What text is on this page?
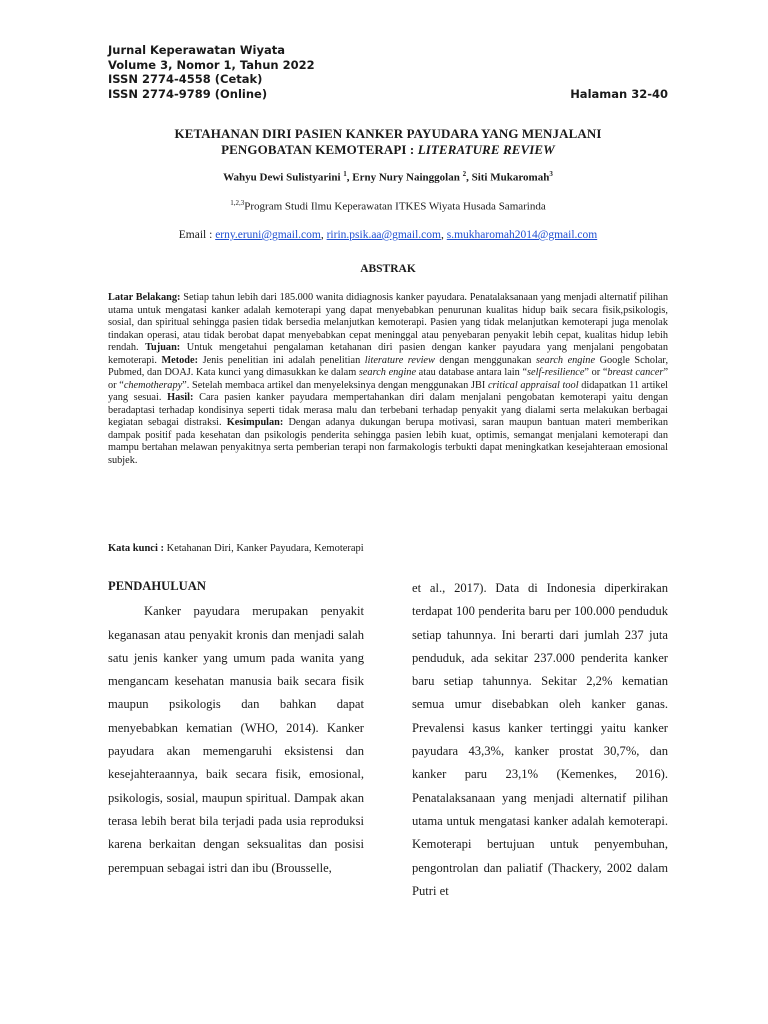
Jurnal Keperawatan Wiyata
Volume 3, Nomor 1, Tahun 2022
ISSN 2774-4558 (Cetak)
ISSN 2774-9789 (Online)	Halaman 32-40
KETAHANAN DIRI PASIEN KANKER PAYUDARA YANG MENJALANI
PENGOBATAN KEMOTERAPI : LITERATURE REVIEW
Wahyu Dewi Sulistyarini $^1$, Erny Nury Nainggolan $^2$, Siti Mukaromah$^3$
$^{1,2,3}$Program Studi Ilmu Keperawatan ITKES Wiyata Husada Samarinda
Email : erny.eruni@gmail.com, ririn.psik.aa@gmail.com, s.mukharomah2014@gmail.com
ABSTRAK
Latar Belakang: Setiap tahun lebih dari 185.000 wanita didiagnosis kanker payudara. Penatalaksanaan yang menjadi alternatif pilihan utama untuk mengatasi kanker adalah kemoterapi yang dapat menyebabkan penurunan kualitas hidup baik secara fisik,psikologis, sosial, dan spiritual sehingga pasien tidak bersedia melanjutkan kemoterapi. Pasien yang tidak melanjutkan kemoterapi juga menolak tindakan operasi, atau tidak berobat dapat menyebabkan cepat meninggal atau penyebaran penyakit lebih cepat, kualitas hidup lebih rendah. Tujuan: Untuk mengetahui pengalaman ketahanan diri pasien dengan kanker payudara yang menjalani pengobatan kemoterapi. Metode: Jenis penelitian ini adalah penelitian literature review dengan menggunakan search engine Google Scholar, Pubmed, dan DOAJ. Kata kunci yang dimasukkan ke dalam search engine atau database antara lain “self-resilience” or “breast cancer” or “chemotherapy”. Setelah membaca artikel dan menyeleksinya dengan menggunakan JBI critical appraisal tool didapatkan 11 artikel yang sesuai. Hasil: Cara pasien kanker payudara mempertahankan diri dalam menjalani pengobatan kemoterapi yaitu dengan beradaptasi terhadap kondisinya seperti tidak merasa malu dan terbebani terhadap penyakit yang dialami serta melakukan berbagai kegiatan sebagai distraksi. Kesimpulan: Dengan adanya dukungan berupa motivasi, saran maupun bantuan materi memberikan dampak positif pada kesehatan dan psikologis penderita sehingga pasien lebih kuat, optimis, semangat menjalani kemoterapi dan mampu bertahan melawan penyakitnya serta pemberian terapi non farmakologis terbukti dapat meningkatkan kesejahteraan emosional subjek.
Kata kunci : Ketahanan Diri, Kanker Payudara, Kemoterapi
PENDAHULUAN

Kanker payudara merupakan penyakit keganasan atau penyakit kronis dan menjadi salah satu jenis kanker yang umum pada wanita yang mengancam kesehatan manusia baik secara fisik maupun psikologis dan bahkan dapat menyebabkan kematian (WHO, 2014). Kanker payudara akan memengaruhi eksistensi dan kesejahteraannya, baik secara fisik, emosional, psikologis, sosial, maupun spiritual. Dampak akan terasa lebih berat bila terjadi pada usia reproduksi karena berkaitan dengan seksualitas dan posisi perempuan sebagai istri dan ibu (Brousselle,

et al., 2017). Data di Indonesia diperkirakan terdapat 100 penderita baru per 100.000 penduduk setiap tahunnya. Ini berarti dari jumlah 237 juta penduduk, ada sekitar 237.000 penderita kanker baru setiap tahunnya. Sekitar 2,2% kematian semua umur disebabkan oleh kanker ganas. Prevalensi kasus kanker tertinggi yaitu kanker payudara 43,3%, kanker prostat 30,7%, dan kanker paru 23,1% (Kemenkes, 2016). Penatalaksanaan yang menjadi alternatif pilihan utama untuk mengatasi kanker adalah kemoterapi. Kemoterapi bertujuan untuk penyembuhan, pengontrolan dan paliatif (Thackery, 2002 dalam Putri et
